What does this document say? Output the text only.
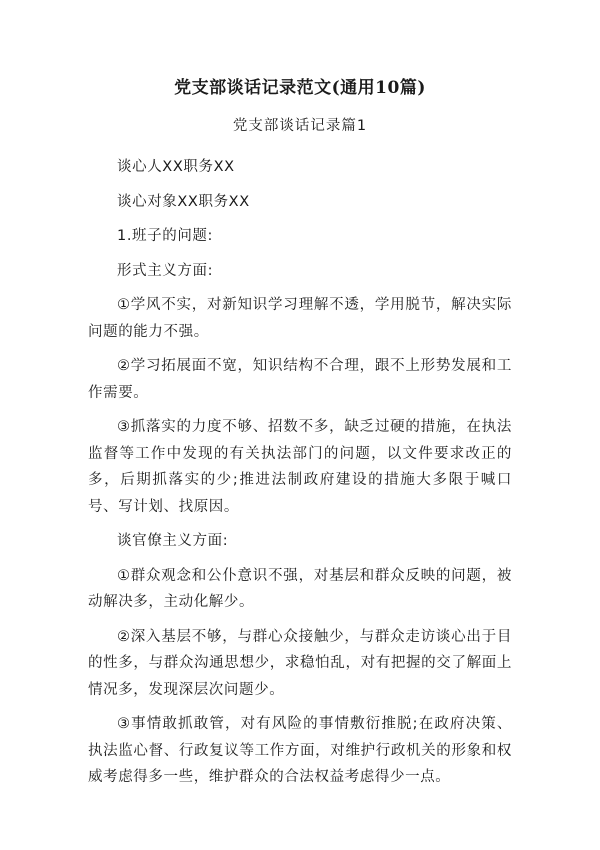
党支部谈话记录范文(通用10篇)
党支部谈话记录篇1

谈心人XX职务XX

谈心对象XX职务XX

1.班子的问题:

形式主义方面:

①学风不实，对新知识学习理解不透，学用脱节，解决实际问题的能力不强。

②学习拓展面不宽，知识结构不合理，跟不上形势发展和工作需要。

③抓落实的力度不够、招数不多，缺乏过硬的措施，在执法监督等工作中发现的有关执法部门的问题，以文件要求改正的多，后期抓落实的少;推进法制政府建设的措施大多限于喊口号、写计划、找原因。

谈官僚主义方面:

①群众观念和公仆意识不强，对基层和群众反映的问题，被动解决多，主动化解少。

②深入基层不够，与群心众接触少，与群众走访谈心出于目的性多，与群众沟通思想少，求稳怕乱，对有把握的交了解面上情况多，发现深层次问题少。

③事情敢抓敢管，对有风险的事情敷衍推脱;在政府决策、执法监心督、行政复议等工作方面，对维护行政机关的形象和权威考虑得多一些，维护群众的合法权益考虑得少一点。
